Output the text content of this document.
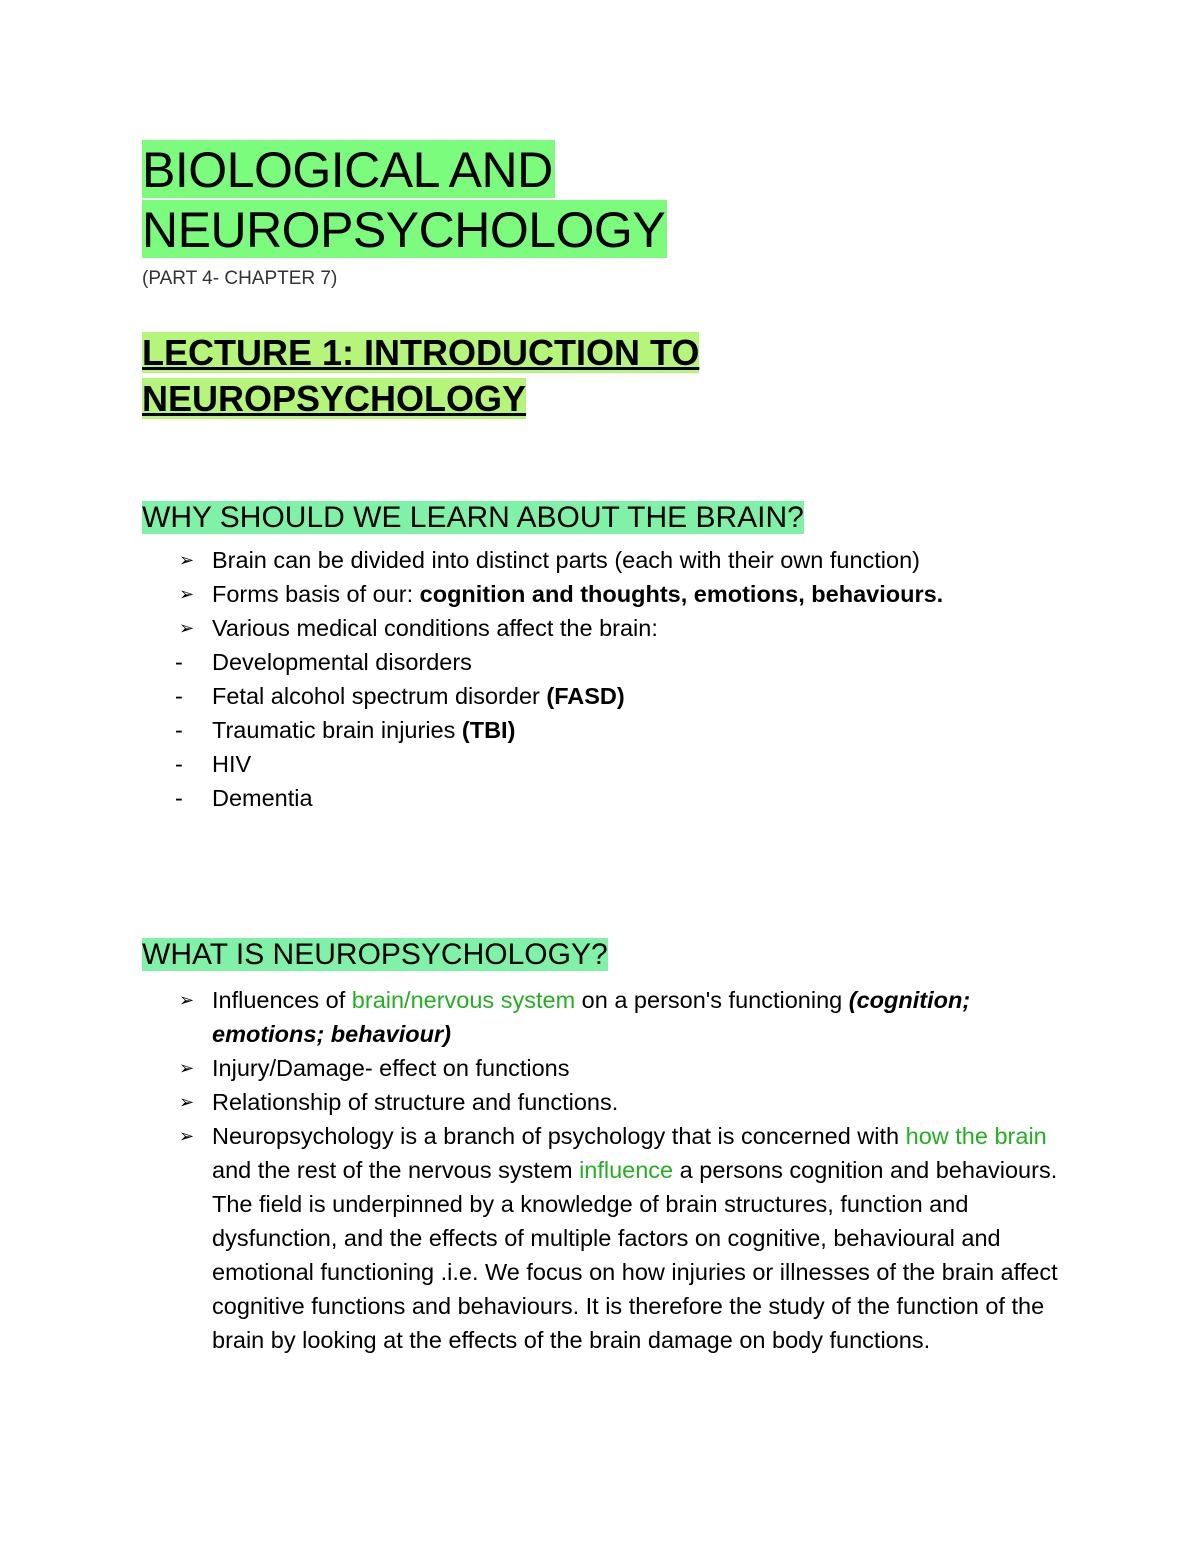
BIOLOGICAL AND
NEUROPSYCHOLOGY
(PART 4- CHAPTER 7)
LECTURE 1: INTRODUCTION TO
NEUROPSYCHOLOGY
WHY SHOULD WE LEARN ABOUT THE BRAIN?
➢ Brain can be divided into distinct parts (each with their own function)
➢ Forms basis of our: cognition and thoughts, emotions, behaviours.
➢ Various medical conditions affect the brain:
-	Developmental disorders
-	Fetal alcohol spectrum disorder (FASD)
-	Traumatic brain injuries (TBI)
-	HIV
-	Dementia
WHAT IS NEUROPSYCHOLOGY?
➢ Influences of brain/nervous system on a person's functioning (cognition; emotions; behaviour)
➢ Injury/Damage- effect on functions
➢ Relationship of structure and functions.
➢ Neuropsychology is a branch of psychology that is concerned with how the brain and the rest of the nervous system influence a persons cognition and behaviours. The field is underpinned by a knowledge of brain structures, function and dysfunction, and the effects of multiple factors on cognitive, behavioural and emotional functioning .i.e. We focus on how injuries or illnesses of the brain affect cognitive functions and behaviours. It is therefore the study of the function of the brain by looking at the effects of the brain damage on body functions.
